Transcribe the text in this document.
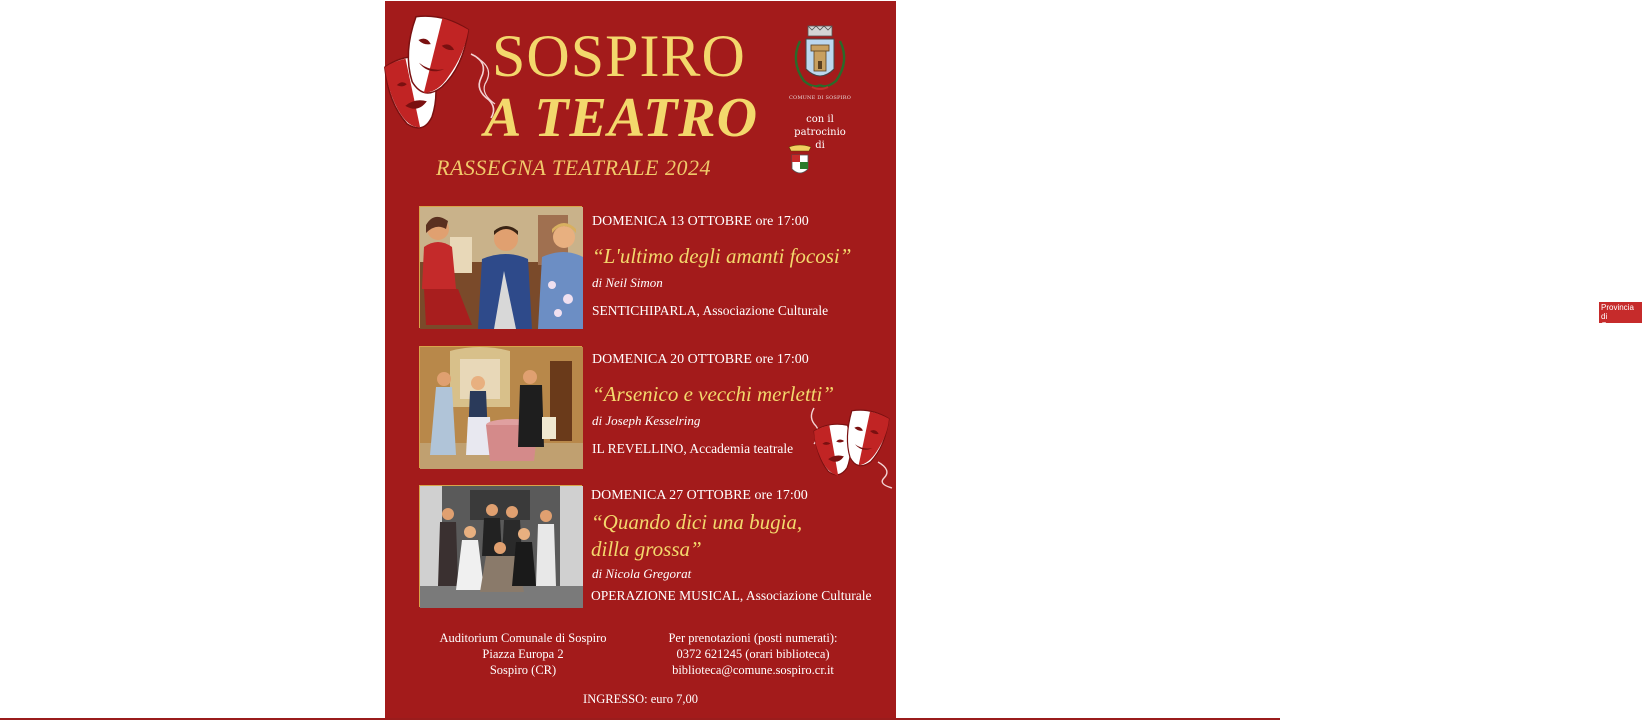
SOSPIRO
A TEATRO
RASSEGNA TEATRALE 2024
COMUNE DI SOSPIRO
con il
patrocinio di
Provincia
di Cremona
DOMENICA 13 OTTOBRE ore 17:00
“L'ultimo degli amanti focosi”
di Neil Simon
SENTICHIPARLA, Associazione Culturale
DOMENICA 20 OTTOBRE ore 17:00
“Arsenico e vecchi merletti”
di Joseph Kesselring
IL REVELLINO, Accademia teatrale
DOMENICA 27 OTTOBRE ore 17:00
“Quando dici una bugia,
dilla grossa”
di Nicola Gregorat
OPERAZIONE MUSICAL, Associazione Culturale
Auditorium Comunale di Sospiro
Piazza Europa 2
Sospiro (CR)
Per prenotazioni (posti numerati):
0372 621245 (orari biblioteca)
biblioteca@comune.sospiro.cr.it
INGRESSO: euro 7,00
